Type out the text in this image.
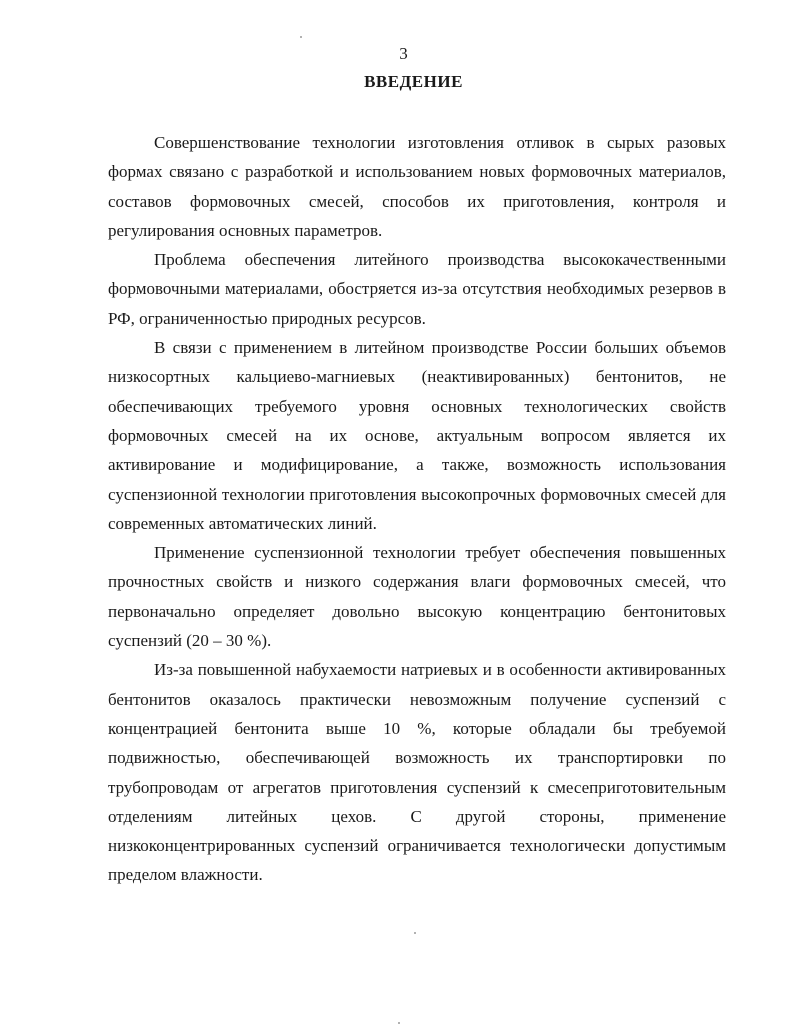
3
ВВЕДЕНИЕ

Совершенствование технологии изготовления отливок в сырых разовых формах связано с разработкой и использованием новых формовочных материалов, составов формовочных смесей, способов их приготовления, контроля и регулирования основных параметров.

Проблема обеспечения литейного производства высококачественными формовочными материалами, обостряется из-за отсутствия необходимых резервов в РФ, ограниченностью природных ресурсов.

В связи с применением в литейном производстве России больших объемов низкосортных кальциево-магниевых (неактивированных) бентонитов, не обеспечивающих требуемого уровня основных технологических свойств формовочных смесей на их основе, актуальным вопросом является их активирование и модифицирование, а также, возможность использования суспензионной технологии приготовления высокопрочных формовочных смесей для современных автоматических линий.

Применение суспензионной технологии требует обеспечения повышенных прочностных свойств и низкого содержания влаги формовочных смесей, что первоначально определяет довольно высокую концентрацию бентонитовых суспензий (20 – 30 %).

Из-за повышенной набухаемости натриевых и в особенности активированных бентонитов оказалось практически невозможным получение суспензий с концентрацией бентонита выше 10 %, которые обладали бы требуемой подвижностью, обеспечивающей возможность их транспортировки по трубопроводам от агрегатов приготовления суспензий к смесеприготовительным отделениям литейных цехов. С другой стороны, применение низкоконцентрированных суспензий ограничивается технологически допустимым пределом влажности.
